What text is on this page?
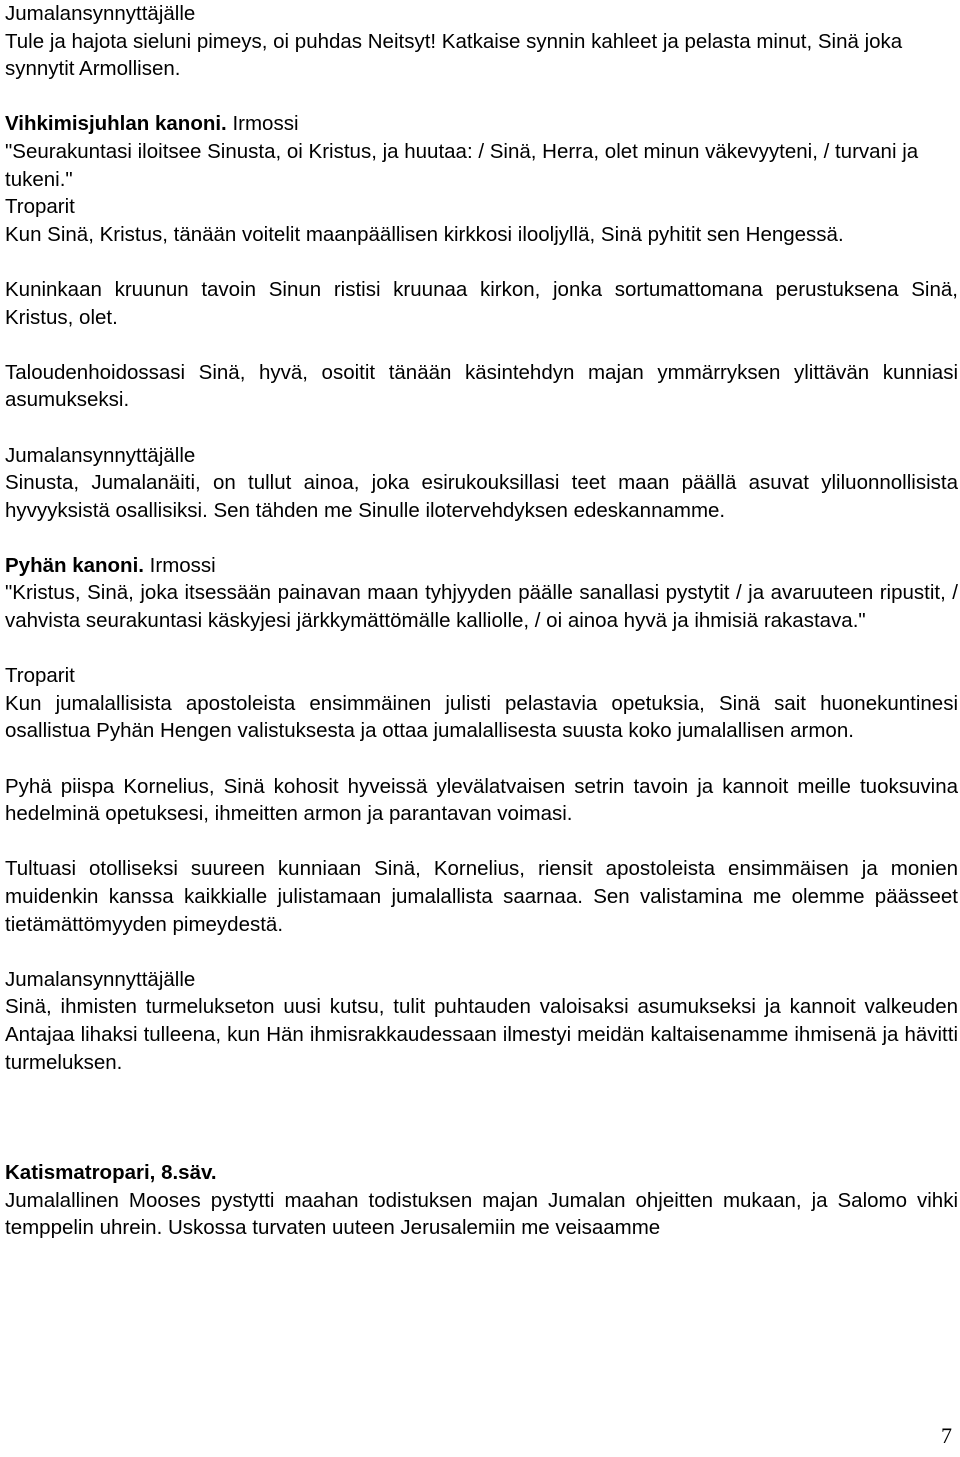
Jumalansynnyttäjälle
Tule ja hajota sieluni pimeys, oi puhdas Neitsyt! Katkaise synnin kahleet ja pelasta minut, Sinä joka synnytit Armollisen.
Vihkimisjuhlan kanoni. Irmossi
"Seurakuntasi iloitsee Sinusta, oi Kristus, ja huutaa: / Sinä, Herra, olet minun väkevyyteni, / turvani ja tukeni."
Troparit
Kun Sinä, Kristus, tänään voitelit maanpäällisen kirkkosi ilooljyllä, Sinä pyhitit sen Hengessä.
Kuninkaan kruunun tavoin Sinun ristisi kruunaa kirkon, jonka sortumattomana perustuksena Sinä, Kristus, olet.
Taloudenhoidossasi Sinä, hyvä, osoitit tänään käsintehdyn majan ymmärryksen ylittävän kunniasi asumukseksi.
Jumalansynnyttäjälle
Sinusta, Jumalanäiti, on tullut ainoa, joka esirukouksillasi teet maan päällä asuvat yliluonnollisista hyvyyksistä osallisiksi. Sen tähden me Sinulle ilotervehdyksen edeskannamme.
Pyhän kanoni. Irmossi
"Kristus, Sinä, joka itsessään painavan maan tyhjyyden päälle sanallasi pystytit / ja avaruuteen ripustit, / vahvista seurakuntasi käskyjesi järkkymättömälle kalliolle, / oi ainoa hyvä ja ihmisiä rakastava."
Troparit
Kun jumalallisista apostoleista ensimmäinen julisti pelastavia opetuksia, Sinä sait huonekuntinesi osallistua Pyhän Hengen valistuksesta ja ottaa jumalallisesta suusta koko jumalallisen armon.
Pyhä piispa Kornelius, Sinä kohosit hyveissä ylevälatvaisen setrin tavoin ja kannoit meille tuoksuvina hedelminä opetuksesi, ihmeitten armon ja parantavan voimasi.
Tultuasi otolliseksi suureen kunniaan Sinä, Kornelius, riensit apostoleista ensimmäisen ja monien muidenkin kanssa kaikkialle julistamaan jumalallista saarnaa. Sen valistamina me olemme päässeet tietämättömyyden pimeydestä.
Jumalansynnyttäjälle
Sinä, ihmisten turmelukseton uusi kutsu, tulit puhtauden valoisaksi asumukseksi ja kannoit valkeuden Antajaa lihaksi tulleena, kun Hän ihmisrakkaudessaan ilmestyi meidän kaltaisenamme ihmisenä ja hävitti turmeluksen.
Katismatropari, 8.säv.
Jumalallinen Mooses pystytti maahan todistuksen majan Jumalan ohjeitten mukaan, ja Salomo vihki temppelin uhrein. Uskossa turvaten uuteen Jerusalemiin me veisaamme
7
